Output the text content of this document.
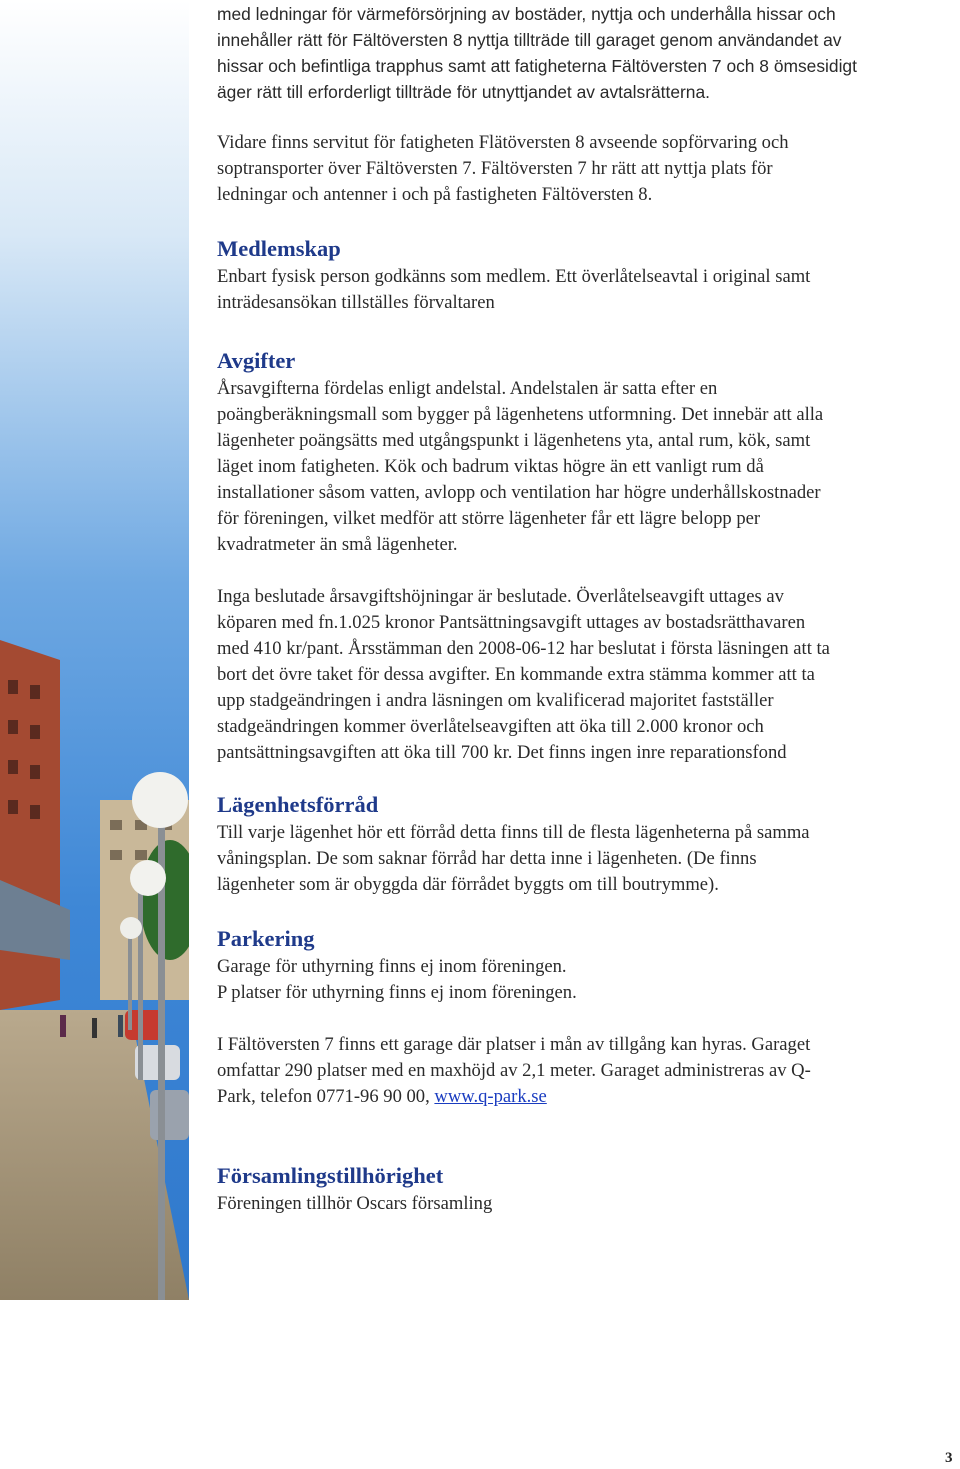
med ledningar för värmeförsörjning av bostäder, nyttja och underhålla hissar och
innehåller rätt för Fältöversten 8 nyttja tillträde till garaget genom användandet av
hissar och befintliga trapphus samt att fatigheterna Fältöversten 7 och 8 ömsesidigt
äger rätt till erforderligt tillträde för utnyttjandet av avtalsrätterna.

Vidare finns servitut för fatigheten Flätöversten 8 avseende sopförvaring och
soptransporter över Fältöversten 7. Fältöversten 7 hr rätt att nyttja plats för
ledningar och antenner i och på fastigheten Fältöversten 8.

Medlemskap

Enbart fysisk person godkänns som medlem. Ett överlåtelseavtal i original samt
inträdesansökan tillställes förvaltaren

Avgifter

Årsavgifterna fördelas enligt andelstal. Andelstalen är satta efter en
poängberäkningsmall som bygger på lägenhetens utformning. Det innebär att alla
lägenheter poängsätts med utgångspunkt i lägenhetens yta, antal rum, kök, samt
läget inom fatigheten. Kök och badrum viktas högre än ett vanligt rum då
installationer såsom vatten, avlopp och ventilation har högre underhållskostnader
för föreningen, vilket medför att större lägenheter får ett lägre belopp per
kvadratmeter än små lägenheter.

Inga beslutade årsavgiftshöjningar är beslutade. Överlåtelseavgift uttages av
köparen med fn.1.025 kronor Pantsättningsavgift uttages av bostadsrätthavaren
med 410 kr/pant. Årsstämman den 2008-06-12 har beslutat i första läsningen att ta
bort det övre taket för dessa avgifter. En kommande extra stämma kommer att ta
upp stadgeändringen i andra läsningen om kvalificerad majoritet fastställer
stadgeändringen kommer överlåtelseavgiften att öka till 2.000 kronor och
pantsättningsavgiften att öka till 700 kr. Det finns ingen inre reparationsfond

Lägenhetsförråd

Till varje lägenhet hör ett förråd detta finns till de flesta lägenheterna på samma
våningsplan. De som saknar förråd har detta inne i lägenheten. (De finns
lägenheter som är obyggda där förrådet byggts om till boutrymme).

Parkering

Garage för uthyrning finns ej inom föreningen.
P platser för uthyrning finns ej inom föreningen.

I Fältöversten 7 finns ett garage där platser i mån av tillgång kan hyras. Garaget
omfattar 290 platser med en maxhöjd av 2,1 meter. Garaget administreras av Q-
Park, telefon 0771-96 90 00, www.q-park.se

Församlingstillhörighet

Föreningen tillhör Oscars församling

3
